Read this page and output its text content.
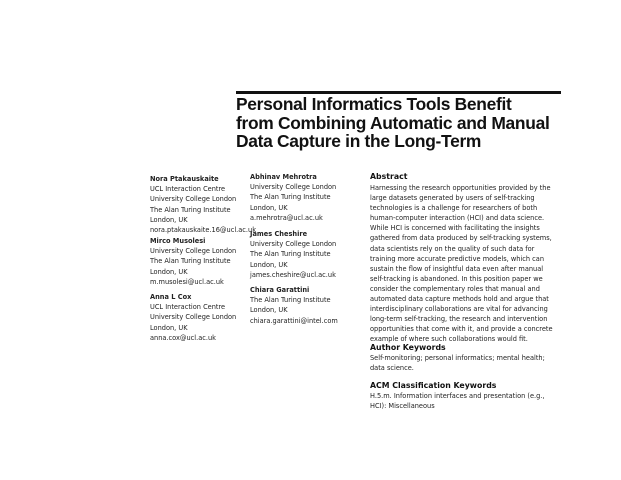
Personal Informatics Tools Benefit
from Combining Automatic and Manual
Data Capture in the Long-Term
Nora Ptakauskaite
UCL Interaction Centre
University College London
The Alan Turing Institute
London, UK
nora.ptakauskaite.16@ucl.ac.uk
Mirco Musolesi
University College London
The Alan Turing Institute
London, UK
m.musolesi@ucl.ac.uk
Anna L Cox
UCL Interaction Centre
University College London
London, UK
anna.cox@ucl.ac.uk
Abhinav Mehrotra
University College London
The Alan Turing Institute
London, UK
a.mehrotra@ucl.ac.uk
James Cheshire
University College London
The Alan Turing Institute
London, UK
james.cheshire@ucl.ac.uk
Chiara Garattini
The Alan Turing Institute
London, UK
chiara.garattini@intel.com
Abstract
Harnessing the research opportunities provided by the
large datasets generated by users of self-tracking
technologies is a challenge for researchers of both
human-computer interaction (HCI) and data science.
While HCI is concerned with facilitating the insights
gathered from data produced by self-tracking systems,
data scientists rely on the quality of such data for
training more accurate predictive models, which can
sustain the flow of insightful data even after manual
self-tracking is abandoned. In this position paper we
consider the complementary roles that manual and
automated data capture methods hold and argue that
interdisciplinary collaborations are vital for advancing
long-term self-tracking, the research and intervention
opportunities that come with it, and provide a concrete
example of where such collaborations would fit.
Author Keywords
Self-monitoring; personal informatics; mental health;
data science.
ACM Classification Keywords
H.5.m. Information interfaces and presentation (e.g.,
HCI): Miscellaneous
